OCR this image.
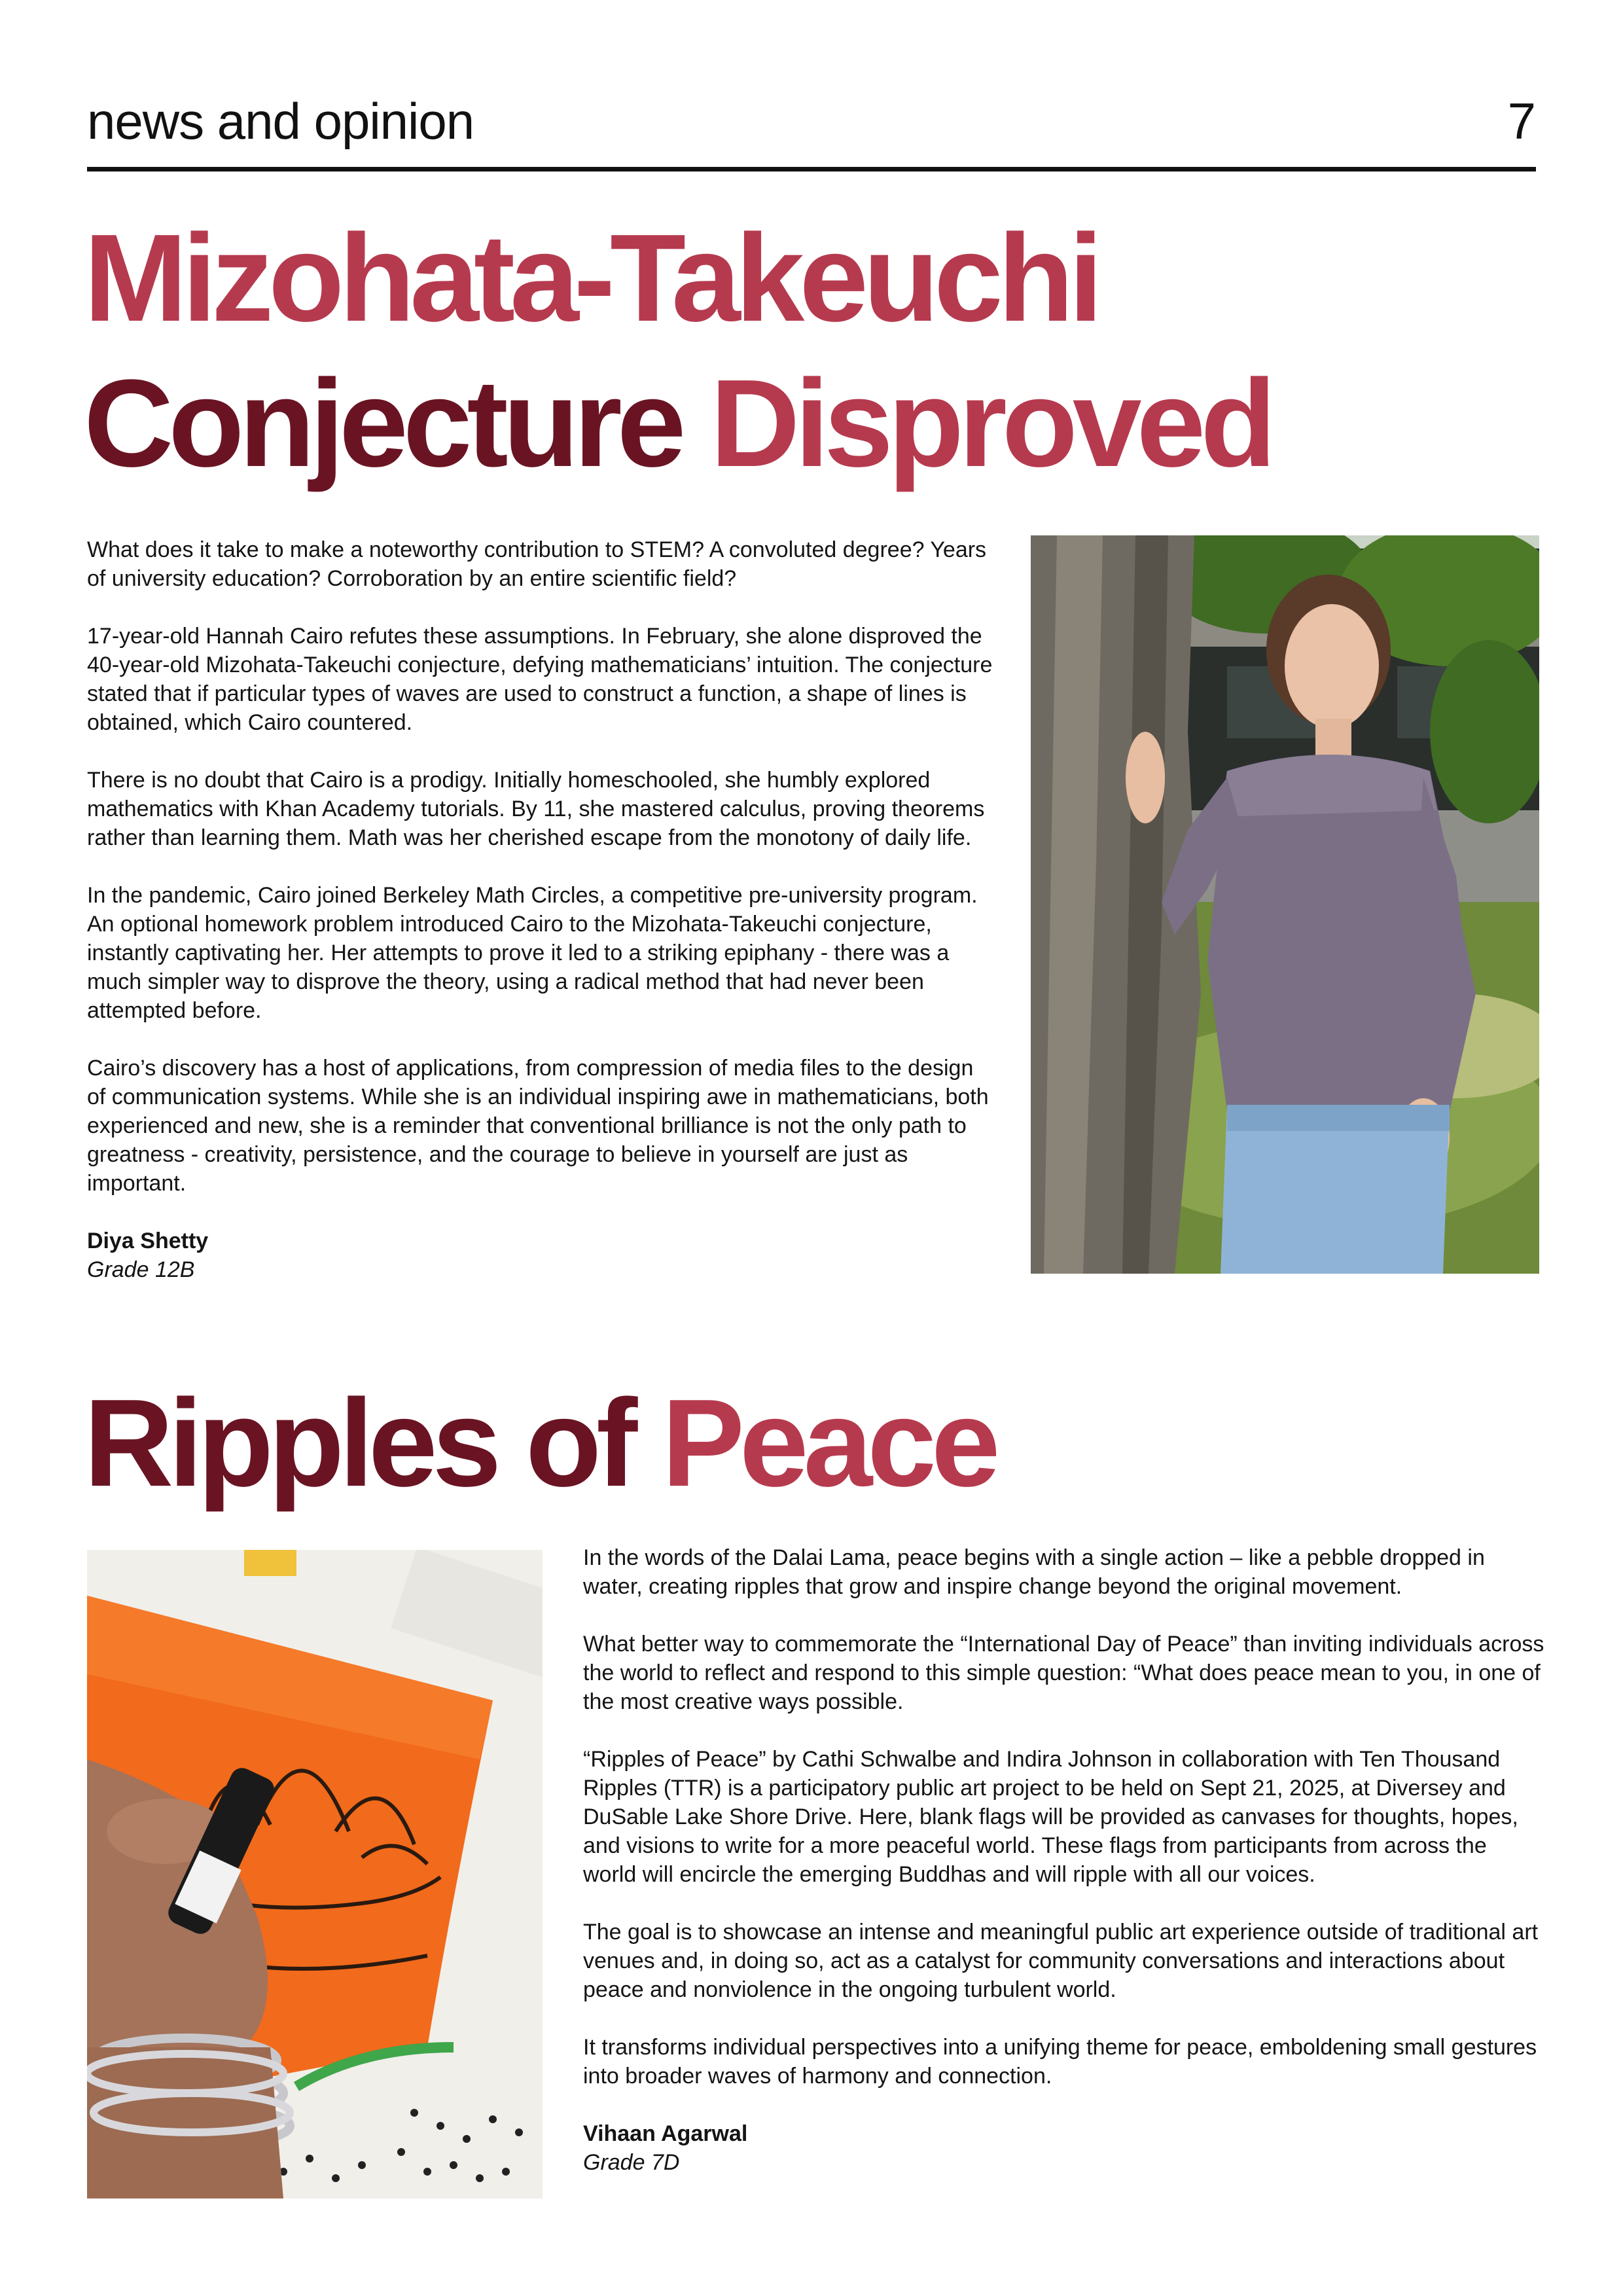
news and opinion	7
Mizohata-Takeuchi
Conjecture Disproved

What does it take to make a noteworthy contribution to STEM? A convoluted degree? Years of university education? Corroboration by an entire scientific field?

17-year-old Hannah Cairo refutes these assumptions. In February, she alone disproved the 40-year-old Mizohata-Takeuchi conjecture, defying mathematicians’ intuition. The conjecture stated that if particular types of waves are used to construct a function, a shape of lines is obtained, which Cairo countered.

There is no doubt that Cairo is a prodigy. Initially homeschooled, she humbly explored mathematics with Khan Academy tutorials. By 11, she mastered calculus, proving theorems rather than learning them. Math was her cherished escape from the monotony of daily life.

In the pandemic, Cairo joined Berkeley Math Circles, a competitive pre-university program. An optional homework problem introduced Cairo to the Mizohata-Takeuchi conjecture, instantly captivating her. Her attempts to prove it led to a striking epiphany - there was a much simpler way to disprove the theory, using a radical method that had never been attempted before.

Cairo’s discovery has a host of applications, from compression of media files to the design of communication systems. While she is an individual inspiring awe in mathematicians, both experienced and new, she is a reminder that conventional brilliance is not the only path to greatness - creativity, persistence, and the courage to believe in yourself are just as important.

Diya Shetty
Grade 12B
Ripples of Peace

In the words of the Dalai Lama, peace begins with a single action – like a pebble dropped in water, creating ripples that grow and inspire change beyond the original movement.

What better way to commemorate the “International Day of Peace” than inviting individuals across the world to reflect and respond to this simple question: “What does peace mean to you, in one of the most creative ways possible.

“Ripples of Peace” by Cathi Schwalbe and Indira Johnson in collaboration with Ten Thousand Ripples (TTR) is a participatory public art project to be held on Sept 21, 2025, at Diversey and DuSable Lake Shore Drive. Here, blank flags will be provided as canvases for thoughts, hopes, and visions to write for a more peaceful world. These flags from participants from across the world will encircle the emerging Buddhas and will ripple with all our voices.

The goal is to showcase an intense and meaningful public art experience outside of traditional art venues and, in doing so, act as a catalyst for community conversations and interactions about peace and nonviolence in the ongoing turbulent world.

It transforms individual perspectives into a unifying theme for peace, emboldening small gestures into broader waves of harmony and connection.

Vihaan Agarwal
Grade 7D
